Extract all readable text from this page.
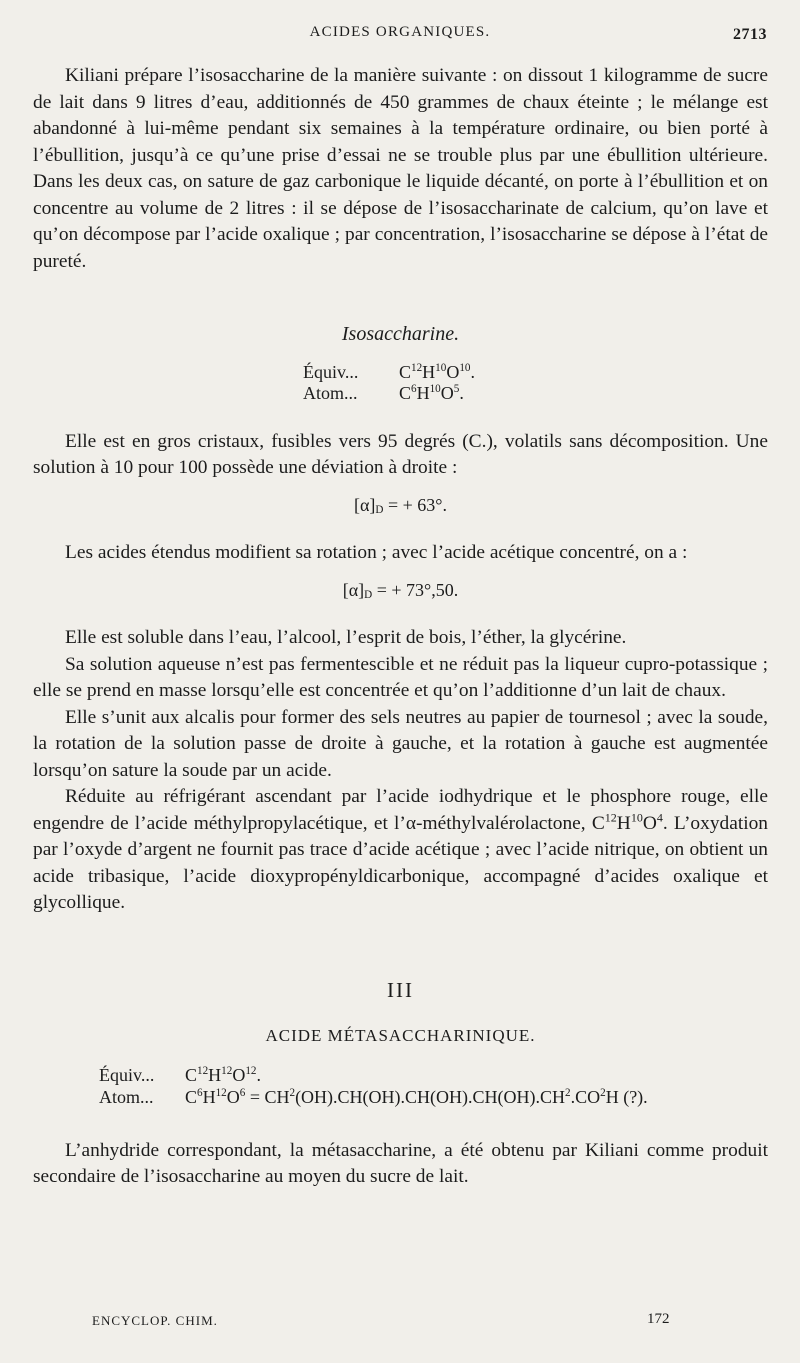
ACIDES ORGANIQUES.	2713

Kiliani prépare l’isosaccharine de la manière suivante : on dissout 1 kilogramme de sucre de lait dans 9 litres d’eau, additionnés de 450 grammes de chaux éteinte ; le mélange est abandonné à lui-même pendant six semaines à la température ordinaire, ou bien porté à l’ébullition, jusqu’à ce qu’une prise d’essai ne se trouble plus par une ébullition ultérieure. Dans les deux cas, on sature de gaz carbonique le liquide décanté, on porte à l’ébullition et on concentre au volume de 2 litres : il se dépose de l’isosaccharinate de calcium, qu’on lave et qu’on décompose par l’acide oxalique ; par concentration, l’isosaccharine se dépose à l’état de pureté.

Isosaccharine.
Équiv... $C^{12}H^{10}O^{10}$.
Atom... $C^6H^{10}O^5$.

Elle est en gros cristaux, fusibles vers 95 degrés (C.), volatils sans décomposition. Une solution à 10 pour 100 possède une déviation à droite :

$[\alpha]_D$ = + 63°.

Les acides étendus modifient sa rotation ; avec l’acide acétique concentré, on a :

$[\alpha]_D$ = + 73°,50.

Elle est soluble dans l’eau, l’alcool, l’esprit de bois, l’éther, la glycérine.

Sa solution aqueuse n’est pas fermentescible et ne réduit pas la liqueur cupro-potassique ; elle se prend en masse lorsqu’elle est concentrée et qu’on l’additionne d’un lait de chaux.

Elle s’unit aux alcalis pour former des sels neutres au papier de tournesol ; avec la soude, la rotation de la solution passe de droite à gauche, et la rotation à gauche est augmentée lorsqu’on sature la soude par un acide.

Réduite au réfrigérant ascendant par l’acide iodhydrique et le phosphore rouge, elle engendre de l’acide méthylpropylacétique, et l’α-méthylvalérolactone, $C^{12}H^{10}O^4$. L’oxydation par l’oxyde d’argent ne fournit pas trace d’acide acétique ; avec l’acide nitrique, on obtient un acide tribasique, l’acide dioxypropényldicarbonique, accompagné d’acides oxalique et glycollique.

III
ACIDE MÉTASACCHARINIQUE.
Équiv... $C^{12}H^{12}O^{12}$.
Atom... $C^6H^{12}O^6 = CH^2(OH).CH(OH).CH(OH).CH(OH).CH^2.CO^2H$ (?).

L’anhydride correspondant, la métasaccharine, a été obtenu par Kiliani comme produit secondaire de l’isosaccharine au moyen du sucre de lait.

ENCYCLOP. CHIM.	172
